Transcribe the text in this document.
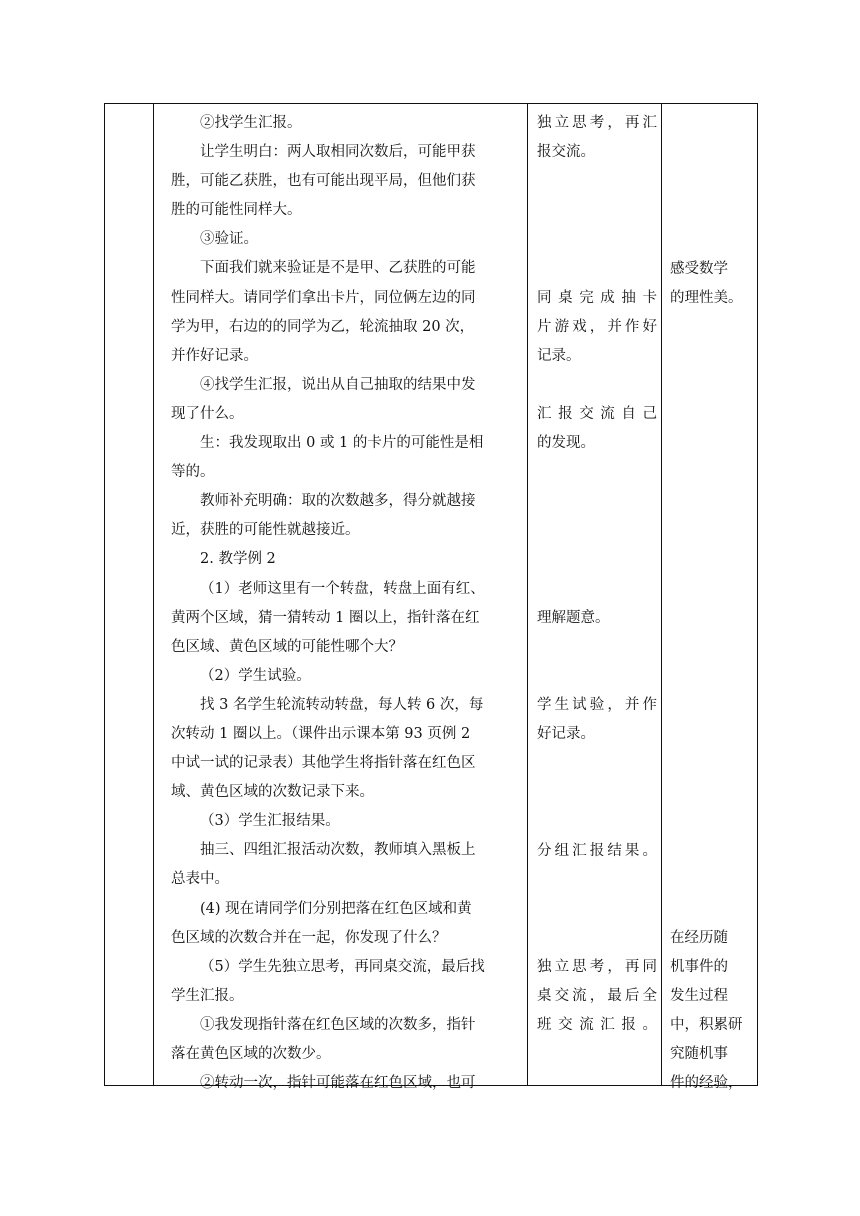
②找学生汇报。

让学生明白：两人取相同次数后，可能甲获

胜，可能乙获胜，也有可能出现平局，但他们获

胜的可能性同样大。

③验证。

下面我们就来验证是不是甲、乙获胜的可能

性同样大。请同学们拿出卡片，同位俩左边的同

学为甲，右边的的同学为乙，轮流抽取 20 次，

并作好记录。

④找学生汇报，说出从自己抽取的结果中发

现了什么。

生：我发现取出 0 或 1 的卡片的可能性是相

等的。

教师补充明确：取的次数越多，得分就越接

近，获胜的可能性就越接近。

2. 教学例 2

（1）老师这里有一个转盘，转盘上面有红、

黄两个区域，猜一猜转动 1 圈以上，指针落在红

色区域、黄色区域的可能性哪个大？

（2）学生试验。

找 3 名学生轮流转动转盘，每人转 6 次，每

次转动 1 圈以上。（课件出示课本第 93 页例 2

中试一试的记录表）其他学生将指针落在红色区

域、黄色区域的次数记录下来。

（3）学生汇报结果。

抽三、四组汇报活动次数，教师填入黑板上

总表中。

(4) 现在请同学们分别把落在红色区域和黄

色区域的次数合并在一起，你发现了什么？

（5）学生先独立思考，再同桌交流，最后找

学生汇报。

①我发现指针落在红色区域的次数多，指针

落在黄色区域的次数少。

②转动一次，指针可能落在红色区域，也可

独立思考，再汇

报交流。

同桌完成抽卡

片游戏，并作好

记录。

汇报交流自己

的发现。

理解题意。

学生试验，并作

好记录。

分组汇报结果。

独立思考，再同

桌交流，最后全

班交流汇报。

感受数学

的理性美。

在经历随

机事件的

发生过程

中，积累研

究随机事

件的经验，
